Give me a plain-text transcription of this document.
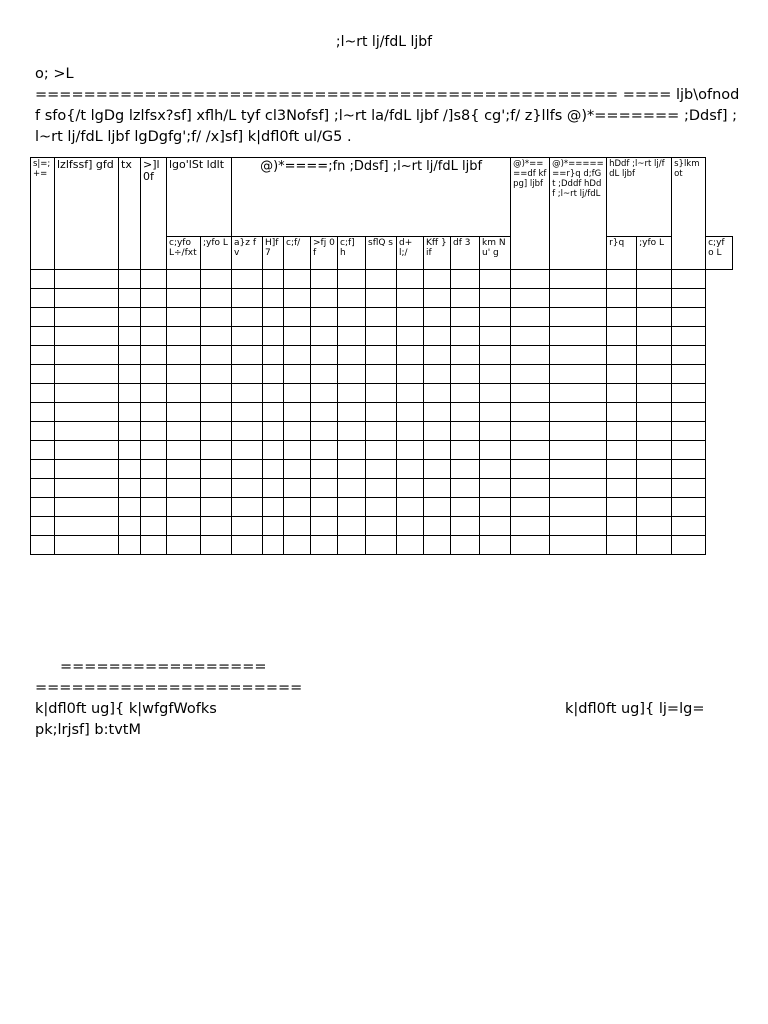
;l~rt lj/fdL ljbf

o; >L

================================================ ==== ljb\ofnodf sfo{/t lgDg lzlfsx?sf] xflh/L tyf cl3Nofsf] ;l~rt la/fdL ljbf /]s8{ cg';f/ z}llfs @)*======= ;Ddsf] ;l~rt lj/fdL ljbf lgDgfg';f/ /x]sf] k|dfl0ft ul/G5 .

s|=;+=	lzlfssf] gfd	tx	>]l0f	lgo'lSt ldlt		@)*====;fn ;Ddsf] ;l~rt lj/fdL ljbf										@)*====df kfpg] ljbf	@)*=======r}q d;fGt ;Dddf hDdf ;l~rt lj/fdL	hDdf ;l~rt lj/fdL ljbf		s}lkmot	
				c;yfo L÷/fxt	;yfo L	a}z fv	H]f7	c;f/	>fj 0f	c;f] h	sflQ s	d+ l;/	Kff }if	df 3	km Nu' g			r}q	;yfo L		c;yfo L

=================
======================
k|dfl0ft ug]{ k|wfgfWofks	k|dfl0ft ug]{ lj=lg=
pk;lrjsf] b:tvtM
